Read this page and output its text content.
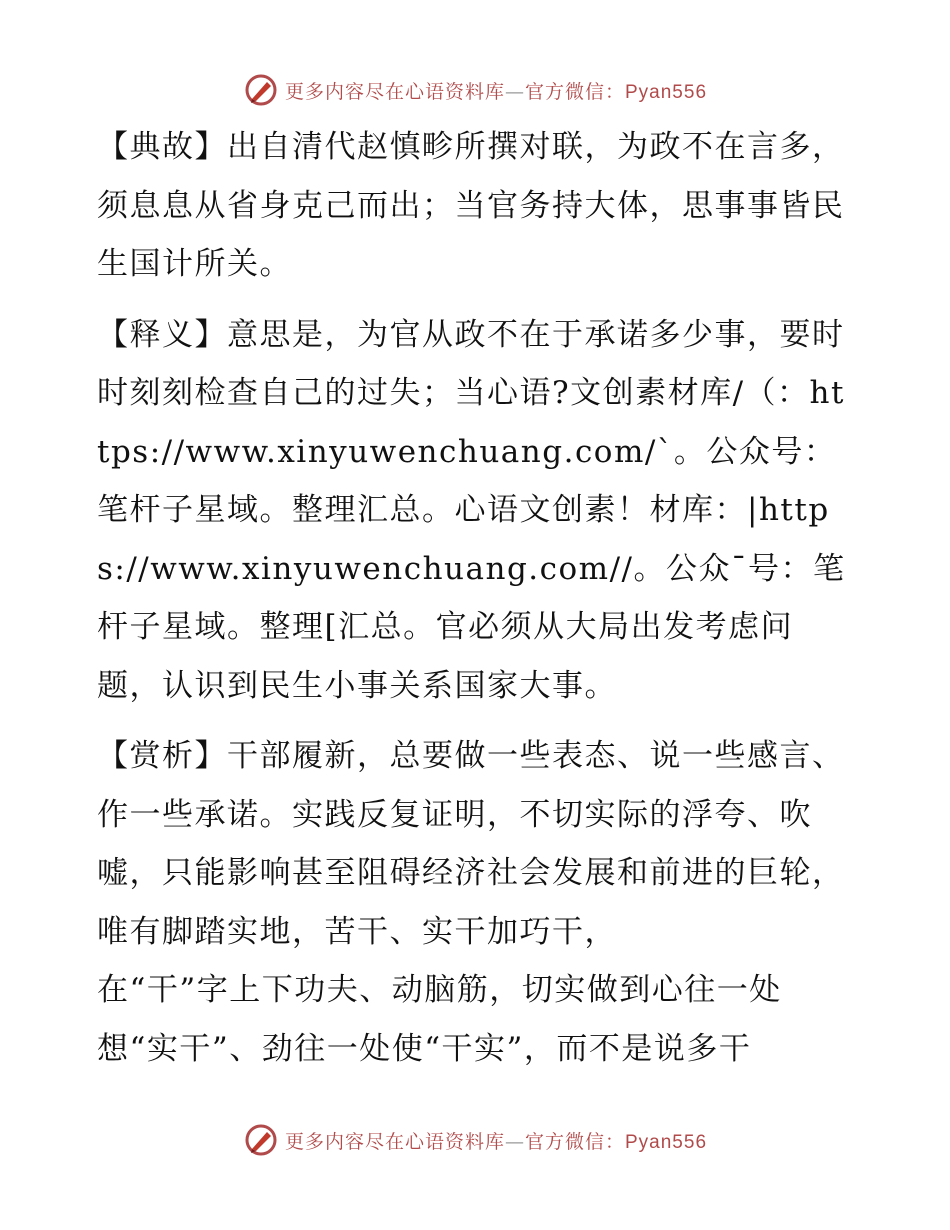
更多内容尽在心语资料库—官方微信：Pyan556

【典故】出自清代赵慎畛所撰对联，为政不在言多，须息息从省身克己而出；当官务持大体，思事事皆民生国计所关。

【释义】意思是，为官从政不在于承诺多少事，要时时刻刻检查自己的过失；当心语?文创素材库/（：https://www.xinyuwenchuang.com/`。公众号：笔杆子星域。整理汇总。心语文创素！材库：|https://www.xinyuwenchuang.com//。公众¯号：笔杆子星域。整理[汇总。官必须从大局出发考虑问题，认识到民生小事关系国家大事。

【赏析】干部履新，总要做一些表态、说一些感言、作一些承诺。实践反复证明，不切实际的浮夸、吹嘘，只能影响甚至阻碍经济社会发展和前进的巨轮，唯有脚踏实地，苦干、实干加巧干，
在“干”字上下功夫、动脑筋，切实做到心往一处想“实干”、劲往一处使“干实”，而不是说多干

更多内容尽在心语资料库—官方微信：Pyan556
